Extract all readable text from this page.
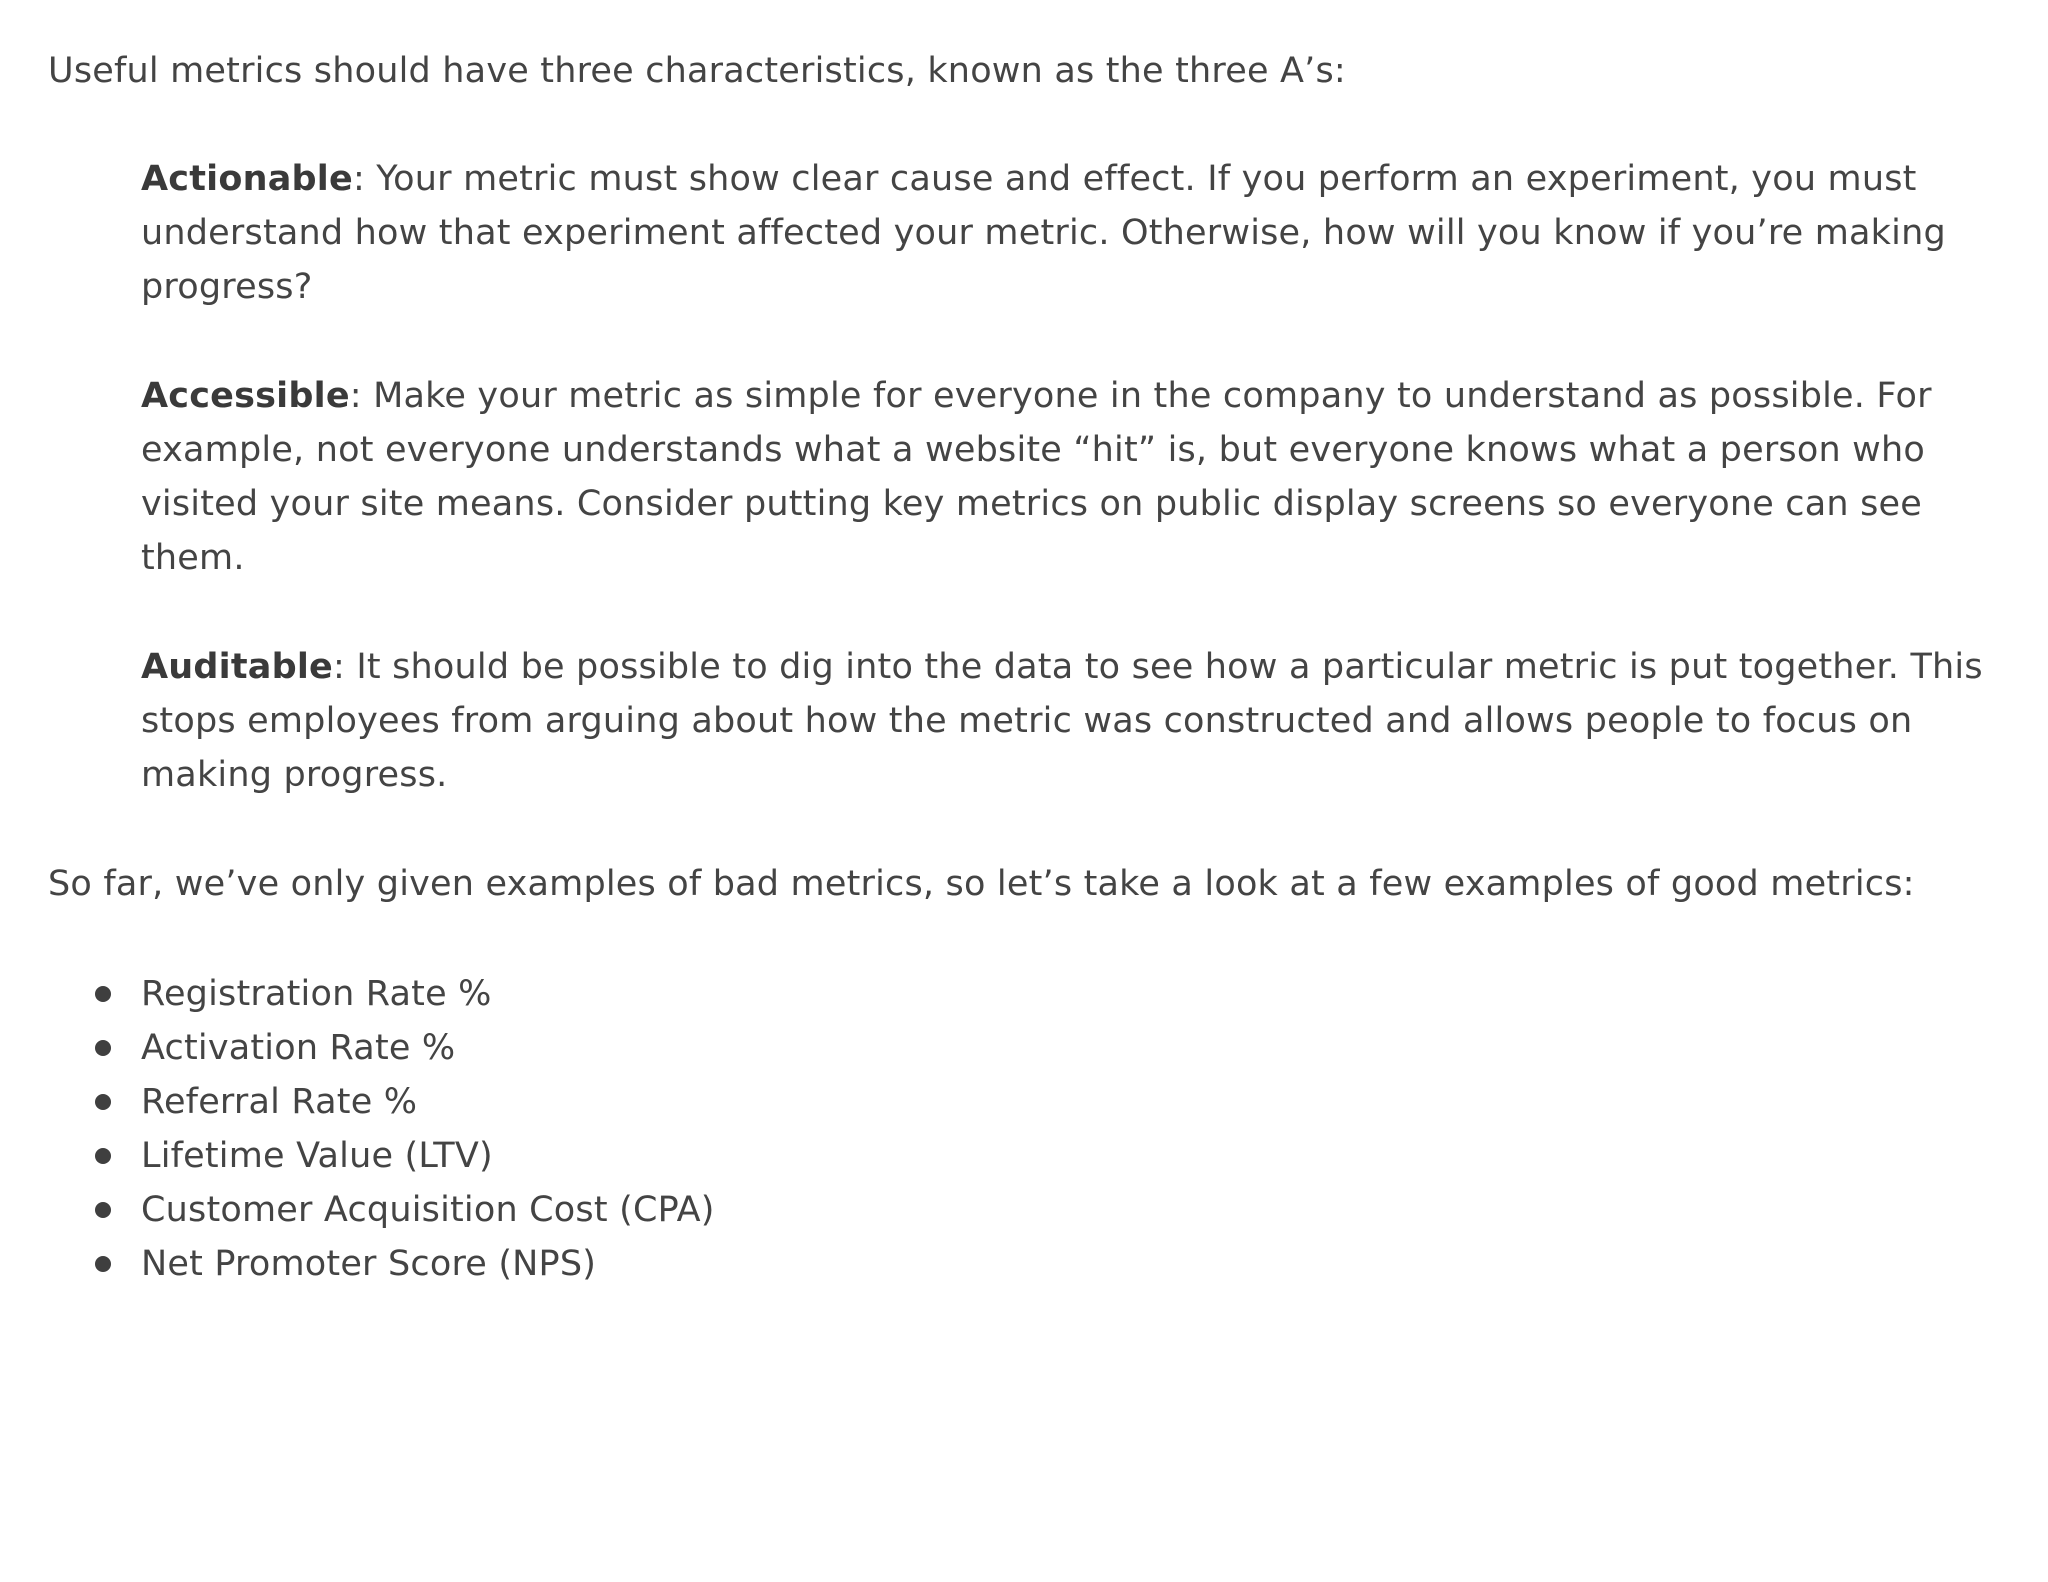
Useful metrics should have three characteristics, known as the three A’s:

Actionable: Your metric must show clear cause and effect. If you perform an experiment, you must understand how that experiment affected your metric. Otherwise, how will you know if you’re making progress?

Accessible: Make your metric as simple for everyone in the company to understand as possible. For example, not everyone understands what a website “hit” is, but everyone knows what a person who visited your site means. Consider putting key metrics on public display screens so everyone can see them.

Auditable: It should be possible to dig into the data to see how a particular metric is put together. This stops employees from arguing about how the metric was constructed and allows people to focus on making progress.

So far, we’ve only given examples of bad metrics, so let’s take a look at a few examples of good metrics:

Registration Rate %
Activation Rate %
Referral Rate %
Lifetime Value (LTV)
Customer Acquisition Cost (CPA)
Net Promoter Score (NPS)
